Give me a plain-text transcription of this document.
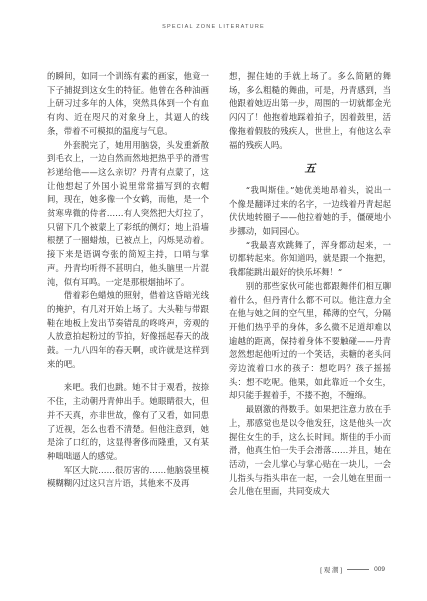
SPECIAL ZONE LITERATURE

的瞬间，如同一个训练有素的画家，他竟一下子捕捉到这女生的特征。他曾在各种油画上研习过多年的人体，突然具体到一个有血有肉、近在咫尺的对象身上，其逼人的线条，带着不可模拟的温度与气息。

外套脱完了，她用用脑袋，头发重新散到毛衣上，一边自然而然地把热乎乎的滑雪衫递给他——这么亲切？丹青有点蒙了，这让他想起了外国小说里常常描写到的衣帽间，现在，她多像一个女鹤，而他，是一个贫寒卑微的侍者……有人突然把大灯拉了，只留下几个被蒙上了彩纸的侧灯；地上沿墙根摆了一圈蜡烛，已被点上，闪烁晃动着。接下来是语调夸张的简短主持，口哨与掌声。丹青均听得不甚明白，他头脑里一片混沌，似有耳鸣。一定是那根烟抽坏了。

借着彩色蜡烛的照射，借着这昏暗光线的掩护，有几对开始上场了。大头鞋与带跟鞋在地板上发出节奏错乱的咚咚声，旁观的人放意拍起粉过的节拍，好像摇起春天的战鼓。一九八四年的春天啊，或许就是这样到来的吧。

来吧。我们也跳。她不甘于观看，按捺不住，主动朝丹青伸出手。她眼睛很大，但并不天真，亦非世故，像有了又看，如同患了近视，怎么也看不清楚。但他注意到，她是涂了口红的，这显得奢侈而隆重，又有某种咄咄逼人的感觉。

军区大院……很厉害的……他脑袋里模模糊糊闪过这只言片语，其他来不及再

想，握住她的手就上场了。多么简陋的舞场，多么粗糙的舞曲，可是，丹青感到，当他跟着她迈出第一步，周围的一切就都金光闪闪了！他抱着地踩着拍子，因着鼓里，活像拖着假肢的残疾人，世世上，有他这么幸福的残疾人吗。

五

“我叫斯佳。”她优美地昂着头，说出一个像是翻译过来的名字，一边线着丹青起起伏伏地转圈子——他拉着她的手，僵硬地小步挪动，如同园心。

“我最喜欢跳舞了，浑身都动起来，一切都转起来。你知道吗，就是跟一个拖把，我都能跳出最好的快乐坏舞！”

别的那些家伙可能也都跟舞伴们相互聊着什么，但丹青什么都不可以。他注意力全在他与她之间的空气里，稀薄的空气，分隔开他们热乎乎的身体，多么微不足道却难以逾越的距离，保持着身体不要触碰——丹青忽然想起他听过的一个笑话，卖糖的老头问旁边流着口水的孩子：想吃吗？孩子摇摇头：想不吃呢。他果，如此靠近一个女生，却只能手握着手，不搂不抱，不缠绵。

最剧激的得数手。如果把注意力放在手上，那感觉也是以令他发狂，这是他头一次握住女生的手，这么长时间。斯佳的手小而滑，他真生怕一失手会滑落……并且，她在活动，一会儿掌心与掌心贴在一块儿，一会儿指头与指头串在一起，一会儿她在里面一会儿他在里面，共同变成大

[ 观 潮 ]	009
